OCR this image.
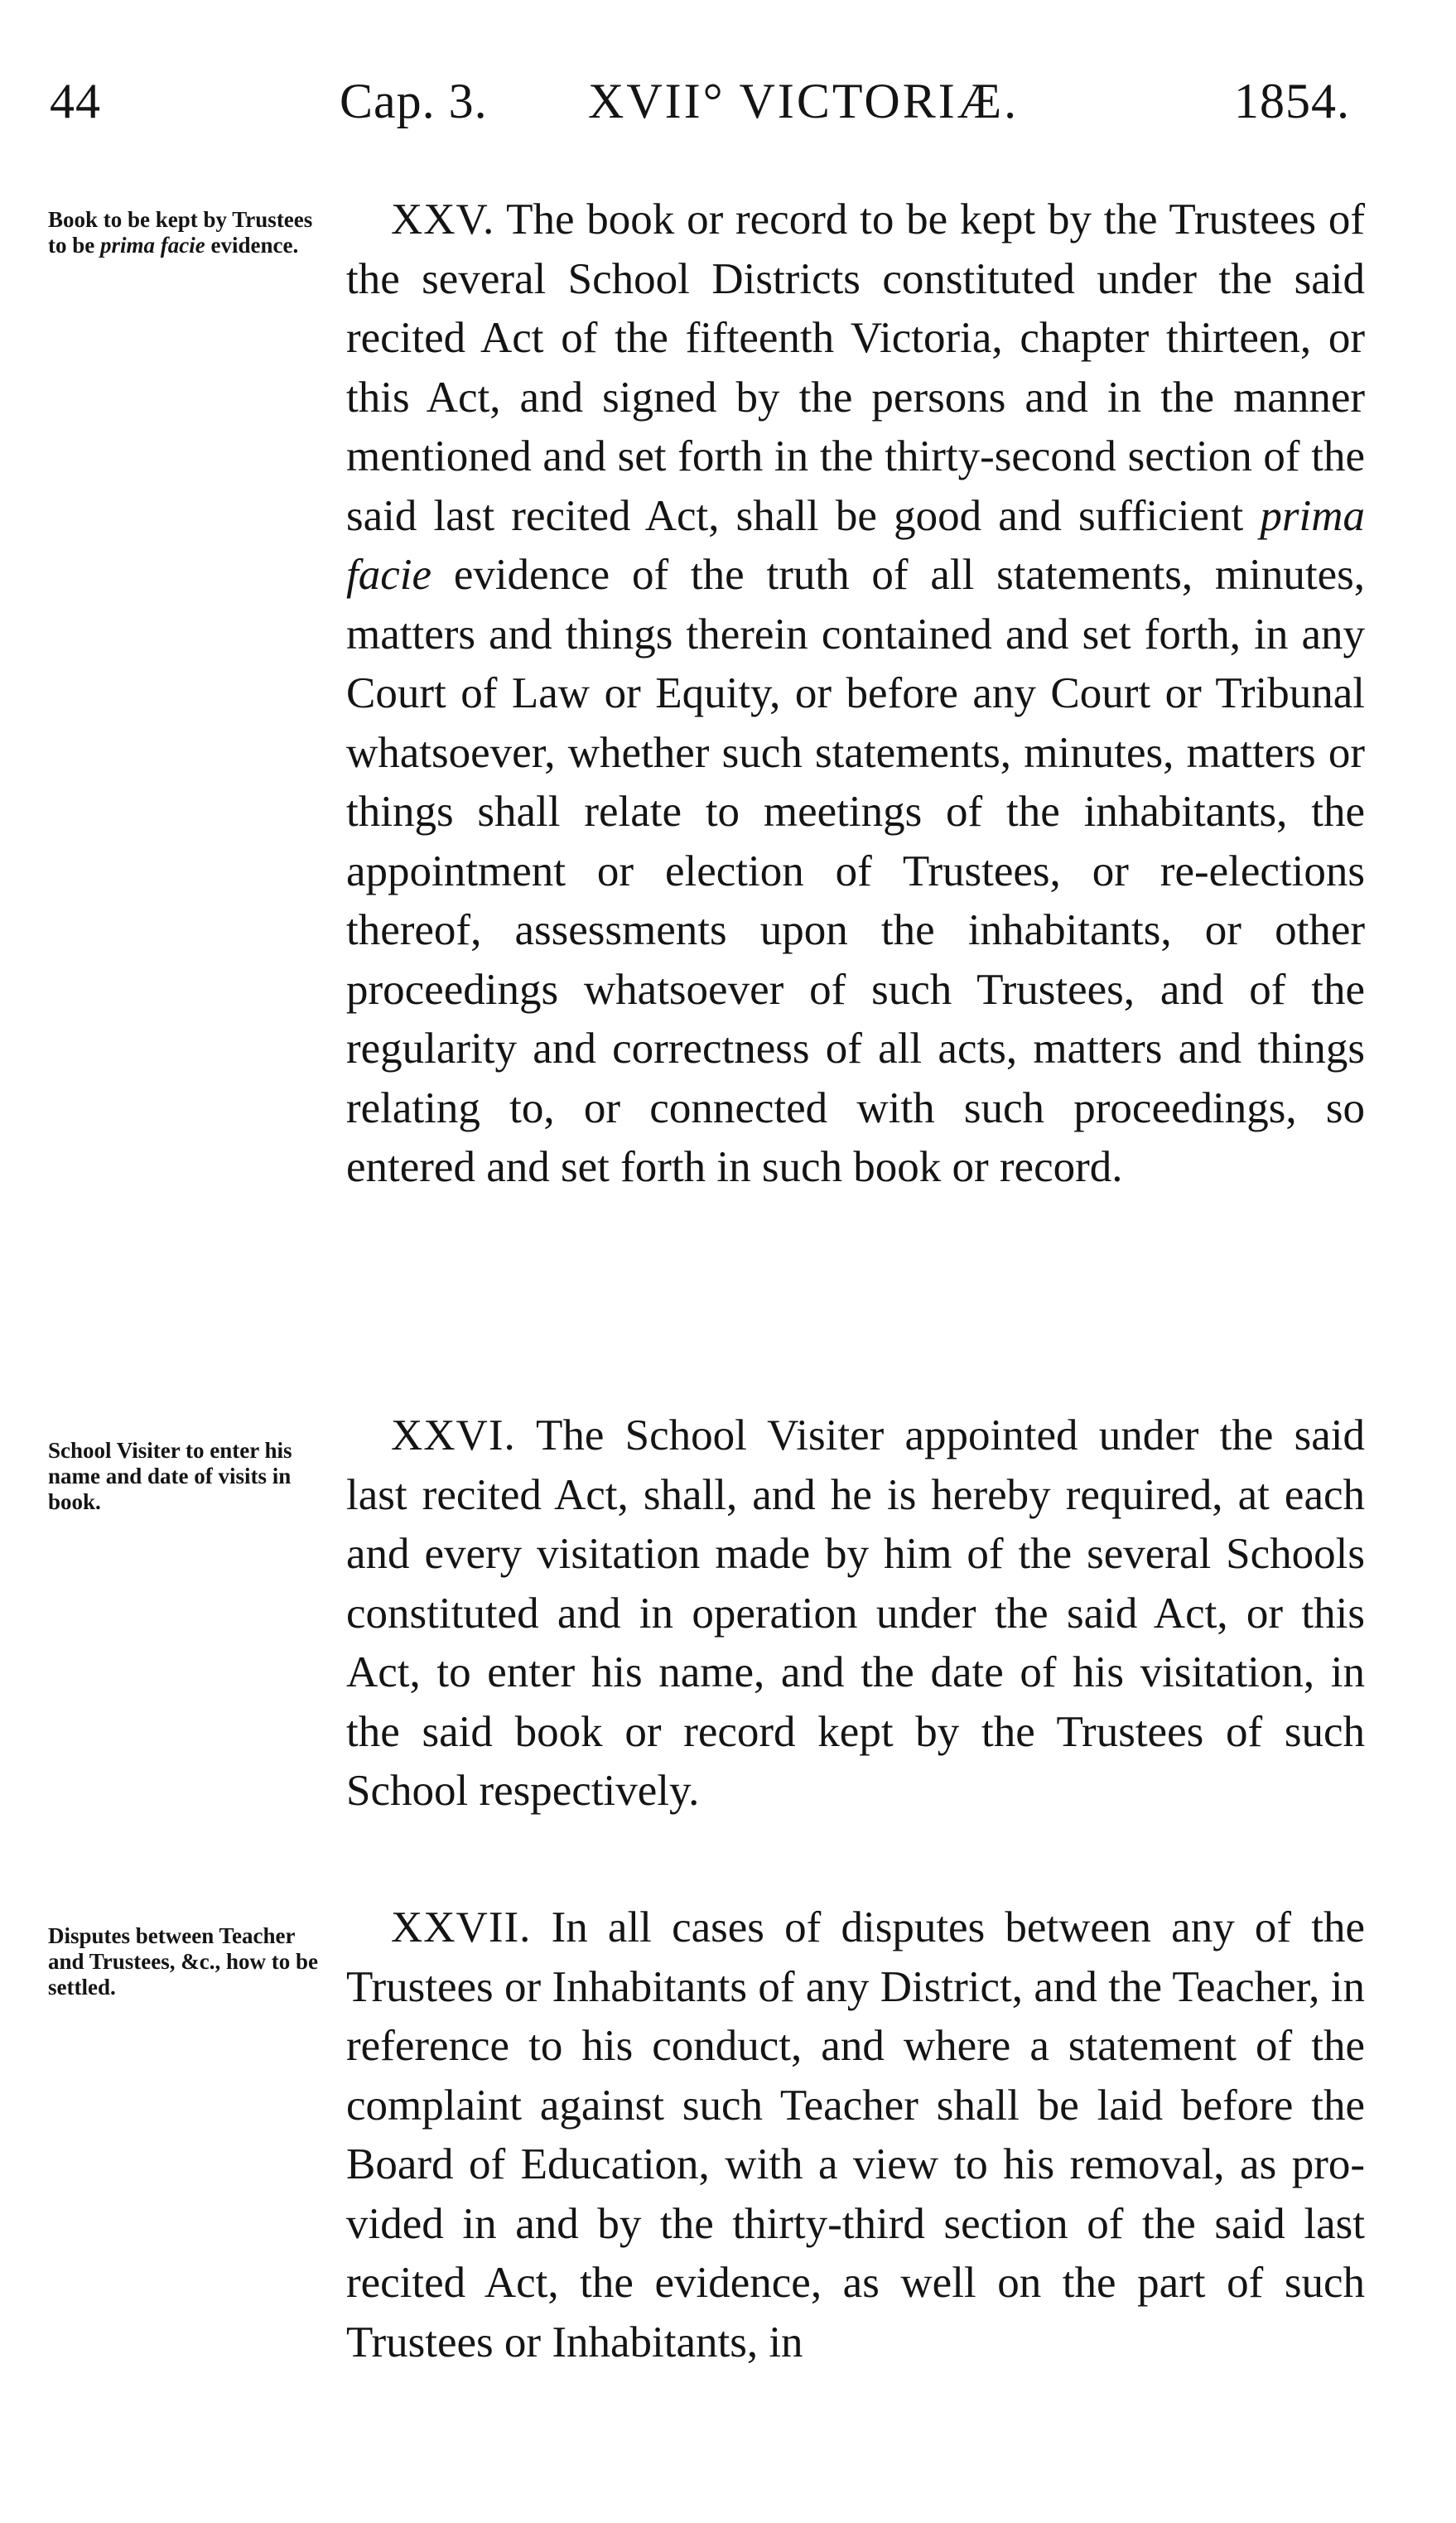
44	Cap. 3. XVII° VICTORIÆ.	1854.
Book to be kept by Trustees to be prima facie evidence.
XXV. The book or record to be kept by the Trustees of the several School Districts constituted under the said recited Act of the fifteenth Victoria, chapter thirteen, or this Act, and signed by the persons and in the manner mentioned and set forth in the thirty-second section of the said last recited Act, shall be good and sufficient prima facie evidence of the truth of all statements, minutes, matters and things therein contained and set forth, in any Court of Law or Equity, or before any Court or Tribunal whatsoever, whether such statements, minutes, matters or things shall relate to meetings of the inhabitants, the appointment or election of Trustees, or re-elections thereof, assessments upon the inhabitants, or other proceedings whatsoever of such Trustees, and of the regularity and correctness of all acts, matters and things relating to, or connected with such proceedings, so entered and set forth in such book or record.
School Visiter to enter his name and date of visits in book.
XXVI. The School Visiter appointed under the said last recited Act, shall, and he is hereby required, at each and every visitation made by him of the several Schools constituted and in operation under the said Act, or this Act, to enter his name, and the date of his visitation, in the said book or record kept by the Trustees of such School respectively.
Disputes between Teacher and Trustees, &c., how to be settled.
XXVII. In all cases of disputes between any of the Trustees or Inhabitants of any District, and the Teacher, in reference to his conduct, and where a statement of the complaint against such Teacher shall be laid before the Board of Education, with a view to his removal, as provided in and by the thirty-third section of the said last recited Act, the evidence, as well on the part of such Trustees or Inhabitants, in
